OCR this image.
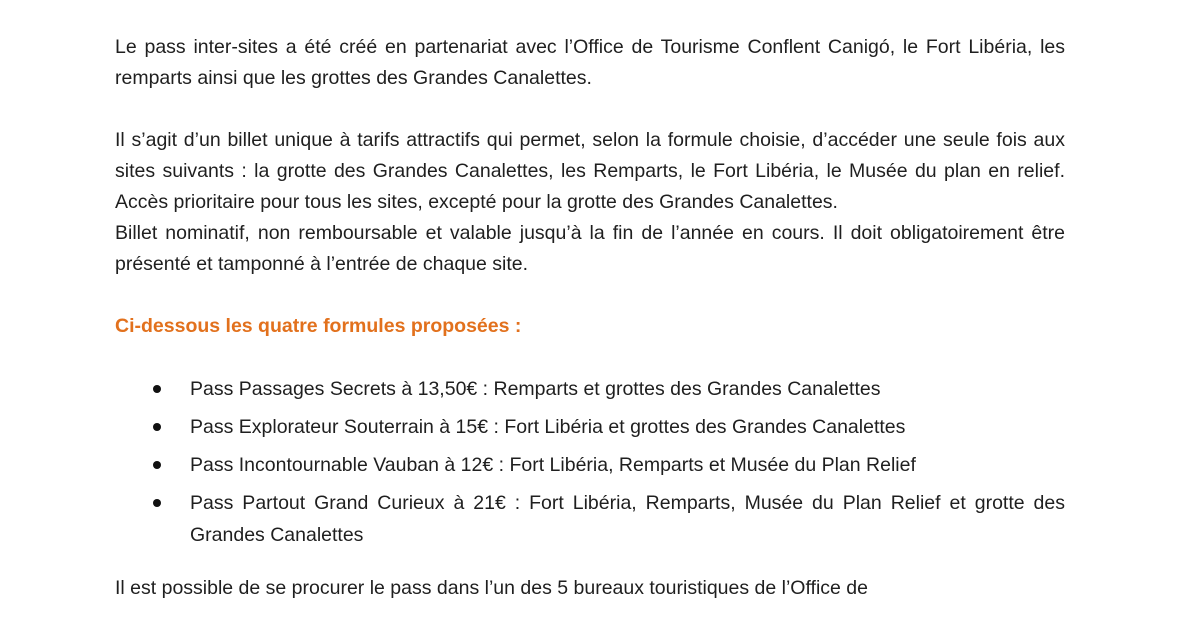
Le pass inter-sites a été créé en partenariat avec l’Office de Tourisme Conflent Canigó, le Fort Libéria, les remparts ainsi que les grottes des Grandes Canalettes.

Il s’agit d’un billet unique à tarifs attractifs qui permet, selon la formule choisie, d’accéder une seule fois aux sites suivants : la grotte des Grandes Canalettes, les Remparts, le Fort Libéria, le Musée du plan en relief. Accès prioritaire pour tous les sites, excepté pour la grotte des Grandes Canalettes.

Billet nominatif, non remboursable et valable jusqu’à la fin de l’année en cours. Il doit obligatoirement être présenté et tamponné à l’entrée de chaque site.

Ci-dessous les quatre formules proposées :

Pass Passages Secrets à 13,50€ : Remparts et grottes des Grandes Canalettes
Pass Explorateur Souterrain à 15€ : Fort Libéria et grottes des Grandes Canalettes
Pass Incontournable Vauban à 12€ : Fort Libéria, Remparts et Musée du Plan Relief
Pass Partout Grand Curieux à 21€ : Fort Libéria, Remparts, Musée du Plan Relief et grotte des Grandes Canalettes

Il est possible de se procurer le pass dans l’un des 5 bureaux touristiques de l’Office de
